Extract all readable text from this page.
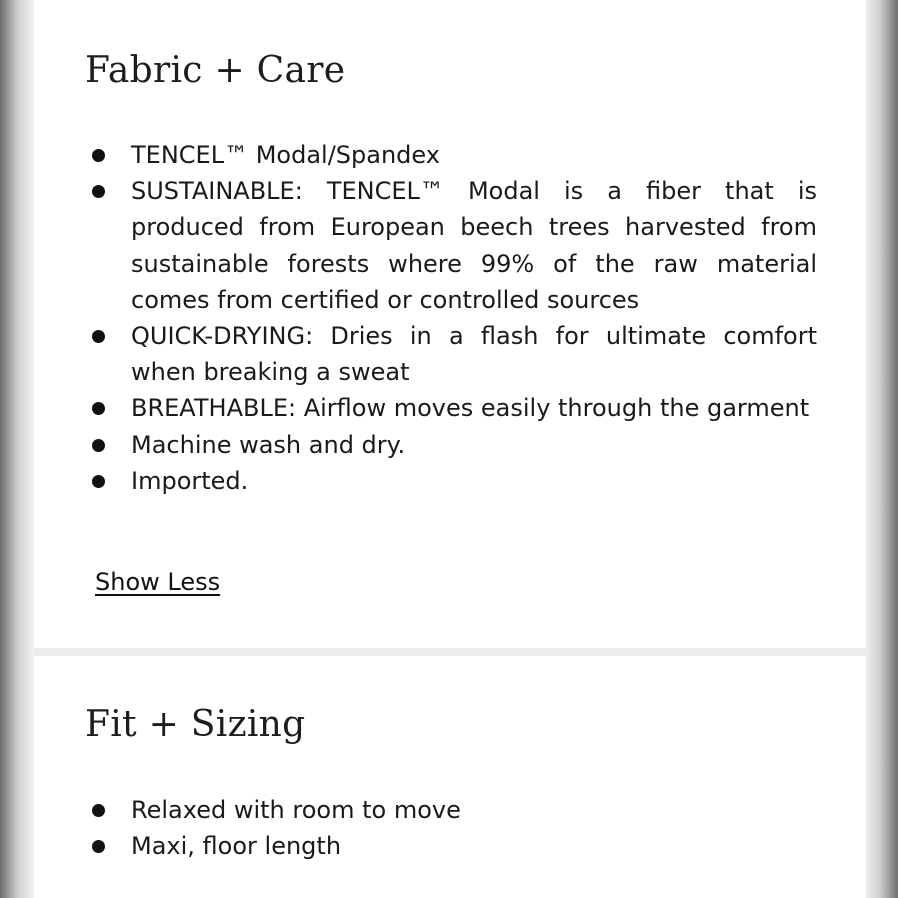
Fabric + Care
TENCEL™ Modal/Spandex
SUSTAINABLE: TENCEL™ Modal is a fiber that is produced from European beech trees harvested from sustainable forests where 99% of the raw material comes from certified or controlled sources
QUICK-DRYING: Dries in a flash for ultimate comfort when breaking a sweat
BREATHABLE: Airflow moves easily through the garment
Machine wash and dry.
Imported.
Show Less
Fit + Sizing
Relaxed with room to move
Maxi, floor length
